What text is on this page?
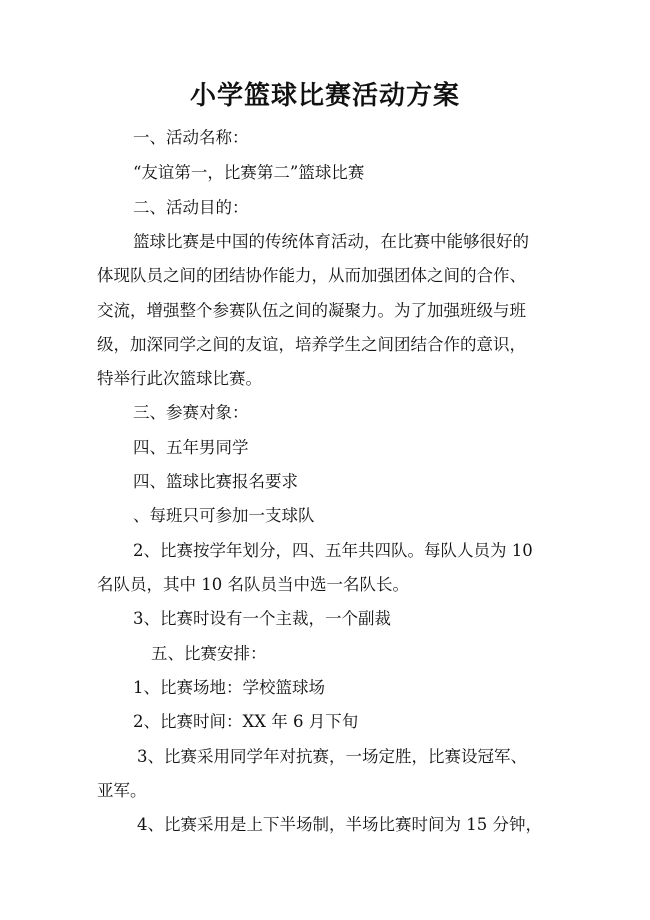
小学篮球比赛活动方案
一、活动名称：
“友谊第一，比赛第二”篮球比赛
二、活动目的：
篮球比赛是中国的传统体育活动，在比赛中能够很好的
体现队员之间的团结协作能力，从而加强团体之间的合作、
交流，增强整个参赛队伍之间的凝聚力。为了加强班级与班
级，加深同学之间的友谊，培养学生之间团结合作的意识，
特举行此次篮球比赛。
三、参赛对象：
四、五年男同学
四、篮球比赛报名要求
、每班只可参加一支球队
2、比赛按学年划分，四、五年共四队。每队人员为 10
名队员，其中 10 名队员当中选一名队长。
3、比赛时设有一个主裁，一个副裁
五、比赛安排：
1、比赛场地：学校篮球场
2、比赛时间：XX 年 6 月下旬
3、比赛采用同学年对抗赛，一场定胜，比赛设冠军、
亚军。
4、比赛采用是上下半场制，半场比赛时间为 15 分钟，
